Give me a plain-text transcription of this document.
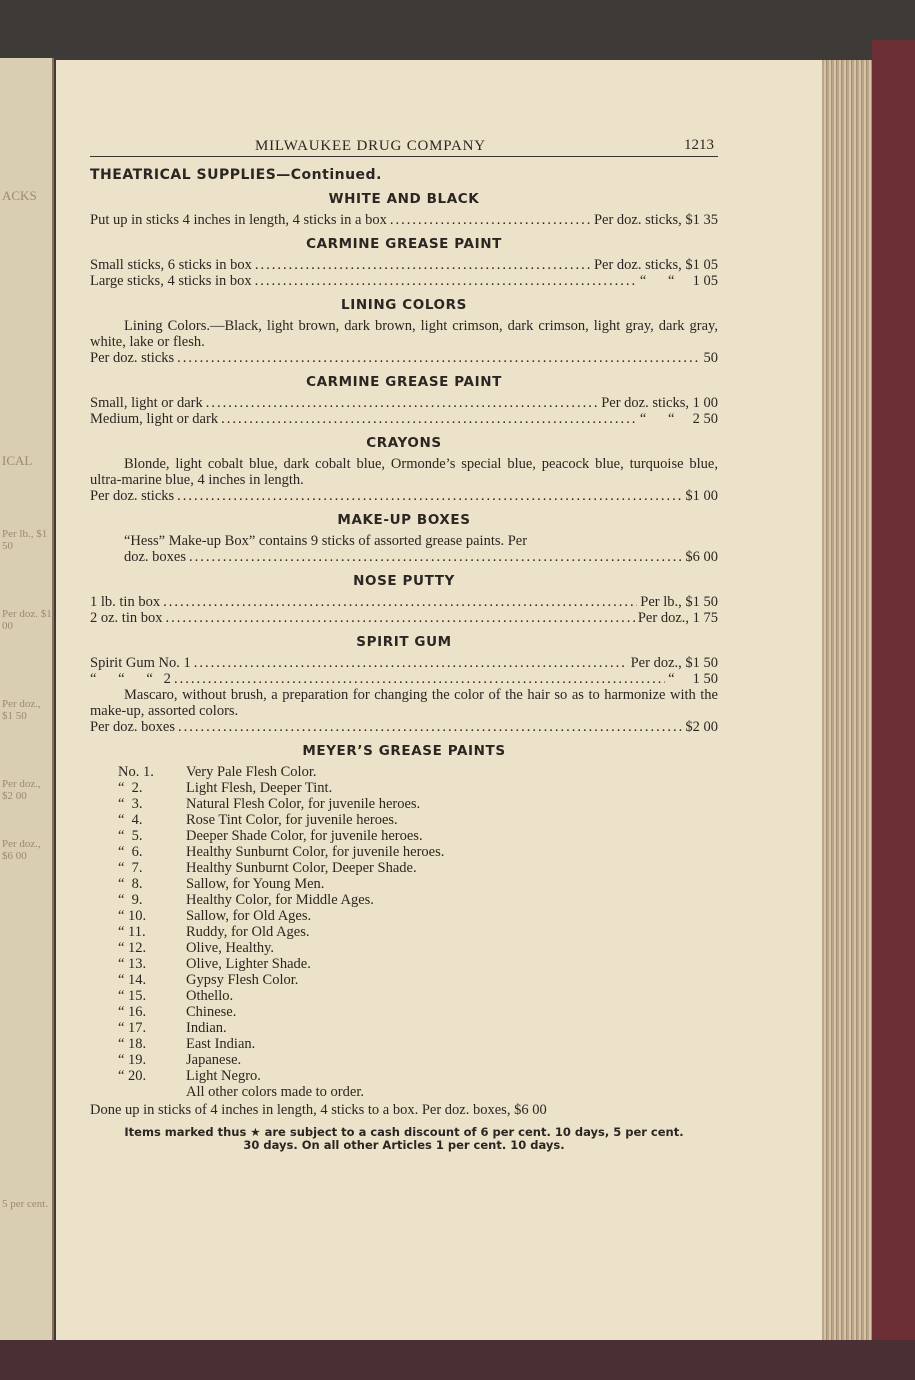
ACKS
ICAL
Per lb., $1 50
Per doz. $1 00
Per doz., $1 50
Per doz., $2 00
Per doz., $6 00
5 per cent.
MILWAUKEE DRUG COMPANY	1213
THEATRICAL SUPPLIES—Continued.
WHITE AND BLACK
Put up in sticks 4 inches in length, 4 sticks in a box .....	Per doz. sticks, $1 35
CARMINE GREASE PAINT
Small sticks, 6 sticks in box .....	Per doz. sticks, $1 05
Large sticks, 4 sticks in box .....	“      “     1 05
LINING COLORS
Lining Colors.—Black, light brown, dark brown, light crimson, dark crimson, light gray, dark gray, white, lake or flesh.
Per doz. sticks .....	50
CARMINE GREASE PAINT
Small, light or dark .....	Per doz. sticks, 1 00
Medium, light or dark .....	“      “     2 50
CRAYONS
Blonde, light cobalt blue, dark cobalt blue, Ormonde’s special blue, peacock blue, turquoise blue, ultra-marine blue, 4 inches in length.
Per doz. sticks .....	$1 00
MAKE-UP BOXES
“Hess” Make-up Box” contains 9 sticks of assorted grease paints. Per
doz. boxes .....	$6 00
NOSE PUTTY
1 lb. tin box .....	Per lb., $1 50
2 oz. tin box .....	Per doz., 1 75
SPIRIT GUM
Spirit Gum No. 1 .....	Per doz., $1 50
“      “      “   2 .....	“     1 50
Mascaro, without brush, a preparation for changing the color of the hair so as to harmonize with the make-up, assorted colors.
Per doz. boxes .....	$2 00
MEYER’S GREASE PAINTS
No. 1.	Very Pale Flesh Color.
“  2.	Light Flesh, Deeper Tint.
“  3.	Natural Flesh Color, for juvenile heroes.
“  4.	Rose Tint Color, for juvenile heroes.
“  5.	Deeper Shade Color, for juvenile heroes.
“  6.	Healthy Sunburnt Color, for juvenile heroes.
“  7.	Healthy Sunburnt Color, Deeper Shade.
“  8.	Sallow, for Young Men.
“  9.	Healthy Color, for Middle Ages.
“ 10.	Sallow, for Old Ages.
“ 11.	Ruddy, for Old Ages.
“ 12.	Olive, Healthy.
“ 13.	Olive, Lighter Shade.
“ 14.	Gypsy Flesh Color.
“ 15.	Othello.
“ 16.	Chinese.
“ 17.	Indian.
“ 18.	East Indian.
“ 19.	Japanese.
“ 20.	Light Negro.
All other colors made to order.
Done up in sticks of 4 inches in length, 4 sticks to a box. Per doz. boxes, $6 00
Items marked thus ★ are subject to a cash discount of 6 per cent. 10 days, 5 per cent.
30 days. On all other Articles 1 per cent. 10 days.
